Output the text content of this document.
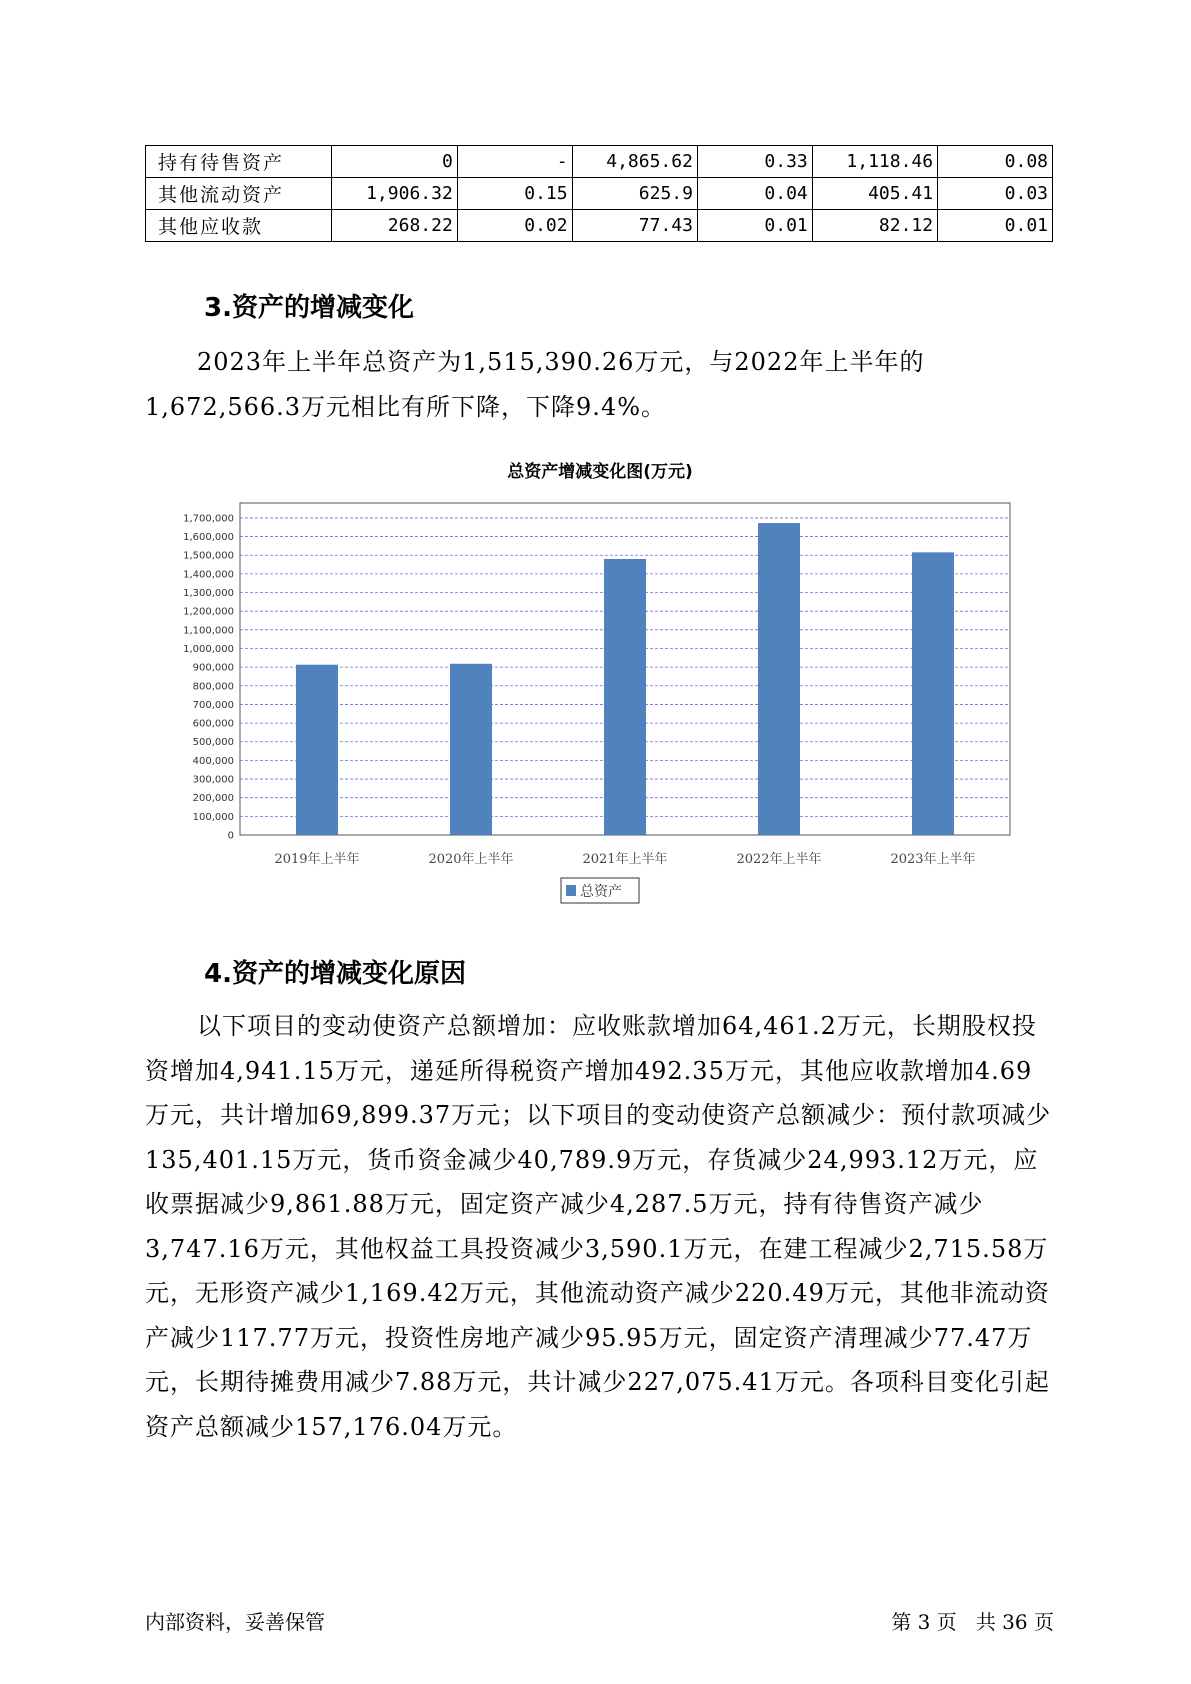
持有待售资产	0	-	4,865.62	0.33	1,118.46	0.08
其他流动资产	1,906.32	0.15	625.9	0.04	405.41	0.03
其他应收款	268.22	0.02	77.43	0.01	82.12	0.01
3.资产的增减变化

2023年上半年总资产为1,515,390.26万元，与2022年上半年的1,672,566.3万元相比有所下降，下降9.4%。

总资产增减变化图(万元)
0
100,000
200,000
300,000
400,000
500,000
600,000
700,000
800,000
900,000
1,000,000
1,100,000
1,200,000
1,300,000
1,400,000
1,500,000
1,600,000
1,700,000
2019年上半年	2020年上半年	2021年上半年	2022年上半年	2023年上半年
总资产
4.资产的增减变化原因

以下项目的变动使资产总额增加：应收账款增加64,461.2万元，长期股权投资增加4,941.15万元，递延所得税资产增加492.35万元，其他应收款增加4.69万元，共计增加69,899.37万元；以下项目的变动使资产总额减少：预付款项减少135,401.15万元，货币资金减少40,789.9万元，存货减少24,993.12万元，应收票据减少9,861.88万元，固定资产减少4,287.5万元，持有待售资产减少3,747.16万元，其他权益工具投资减少3,590.1万元，在建工程减少2,715.58万元，无形资产减少1,169.42万元，其他流动资产减少220.49万元，其他非流动资产减少117.77万元，投资性房地产减少95.95万元，固定资产清理减少77.47万元，长期待摊费用减少7.88万元，共计减少227,075.41万元。各项科目变化引起资产总额减少157,176.04万元。

内部资料，妥善保管	第 3 页   共 36 页
